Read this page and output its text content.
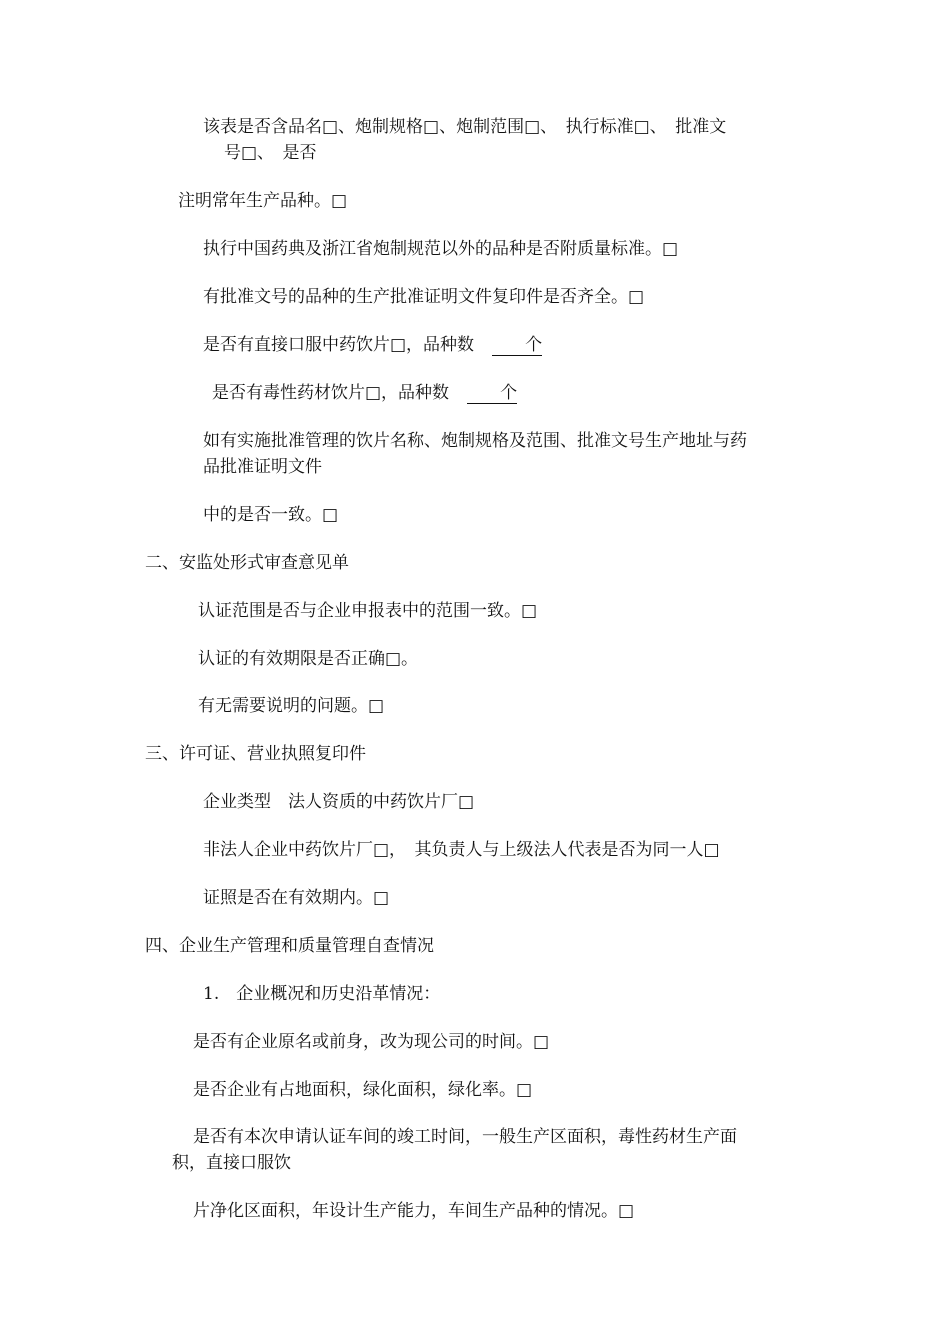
该表是否含品名□、炮制规格□、炮制范围□、　执行标准□、　批准文
号□、　是否
注明常年生产品种。□
执行中国药典及浙江省炮制规范以外的品种是否附质量标准。□
有批准文号的品种的生产批准证明文件复印件是否齐全。□
是否有直接口服中药饮片□，品种数	个
是否有毒性药材饮片□，品种数	个
如有实施批准管理的饮片名称、炮制规格及范围、批准文号生产地址与药
品批准证明文件
中的是否一致。□
二、安监处形式审查意见单
认证范围是否与企业申报表中的范围一致。□
认证的有效期限是否正确□。
有无需要说明的问题。□
三、许可证、营业执照复印件
企业类型　法人资质的中药饮片厂□
非法人企业中药饮片厂□，　其负责人与上级法人代表是否为同一人□
证照是否在有效期内。□
四、企业生产管理和质量管理自查情况
1.　企业概况和历史沿革情况：
是否有企业原名或前身，改为现公司的时间。□
是否企业有占地面积，绿化面积，绿化率。□
是否有本次申请认证车间的竣工时间，一般生产区面积，毒性药材生产面
积，直接口服饮
片净化区面积，年设计生产能力，车间生产品种的情况。□
